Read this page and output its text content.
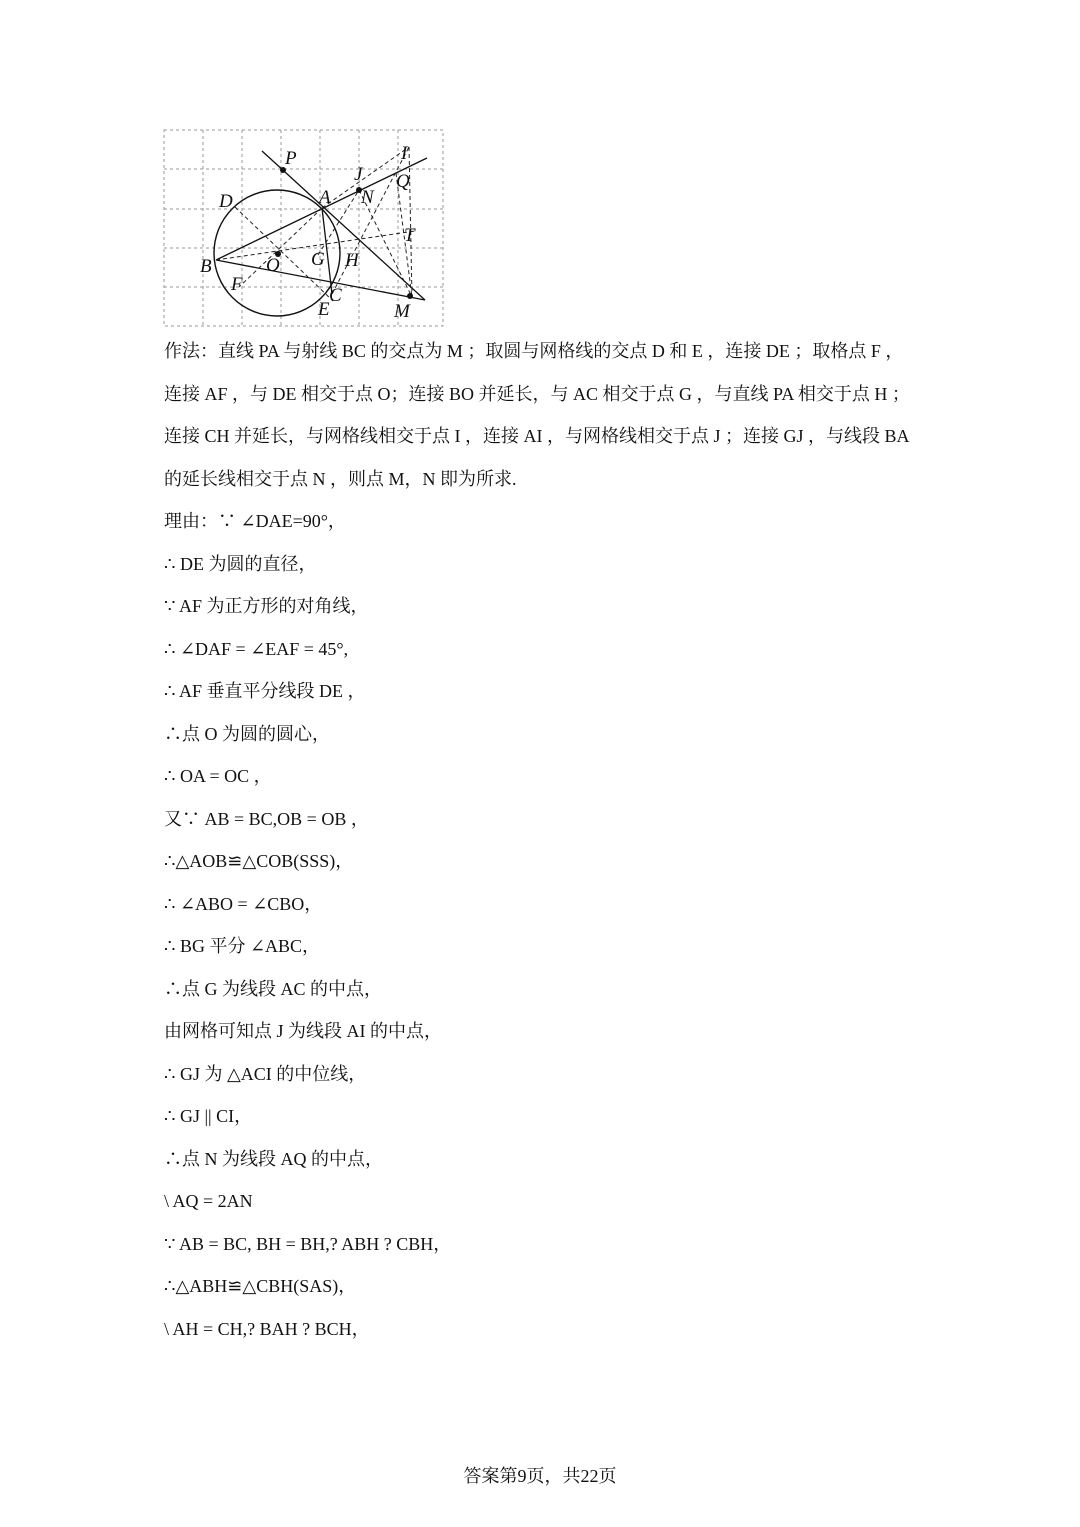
P	I
J Q
D	A N
T
B	O G H
F
C
E	M
作法：直线 PA 与射线 BC 的交点为 M ；取圆与网格线的交点 D 和 E ，连接 DE ；取格点 F ，
连接 AF ，与 DE 相交于点 O；连接 BO 并延长，与 AC 相交于点 G ，与直线 PA 相交于点 H ；
连接 CH 并延长，与网格线相交于点 I ，连接 AI ，与网格线相交于点 J ；连接 GJ ，与线段 BA
的延长线相交于点 N ，则点 M，N 即为所求.
理由：∵ ∠DAE=90°，
∴ DE 为圆的直径，
∵ AF 为正方形的对角线，
∴ ∠DAF = ∠EAF = 45°,
∴ AF 垂直平分线段 DE ，
∴点 O 为圆的圆心，
∴ OA = OC ，
又∵ AB = BC,OB = OB ，
∴△AOB≌△COB(SSS)，
∴ ∠ABO = ∠CBO，
∴ BG 平分 ∠ABC，
∴点 G 为线段 AC 的中点，
由网格可知点 J 为线段 AI 的中点，
∴ GJ 为 △ACI 的中位线，
∴ GJ || CI，
∴点 N 为线段 AQ 的中点，
\ AQ = 2AN
∵ AB = BC, BH = BH,? ABH ? CBH，
∴△ABH≌△CBH(SAS)，
\ AH = CH,? BAH ? BCH，
答案第9页，共22页
